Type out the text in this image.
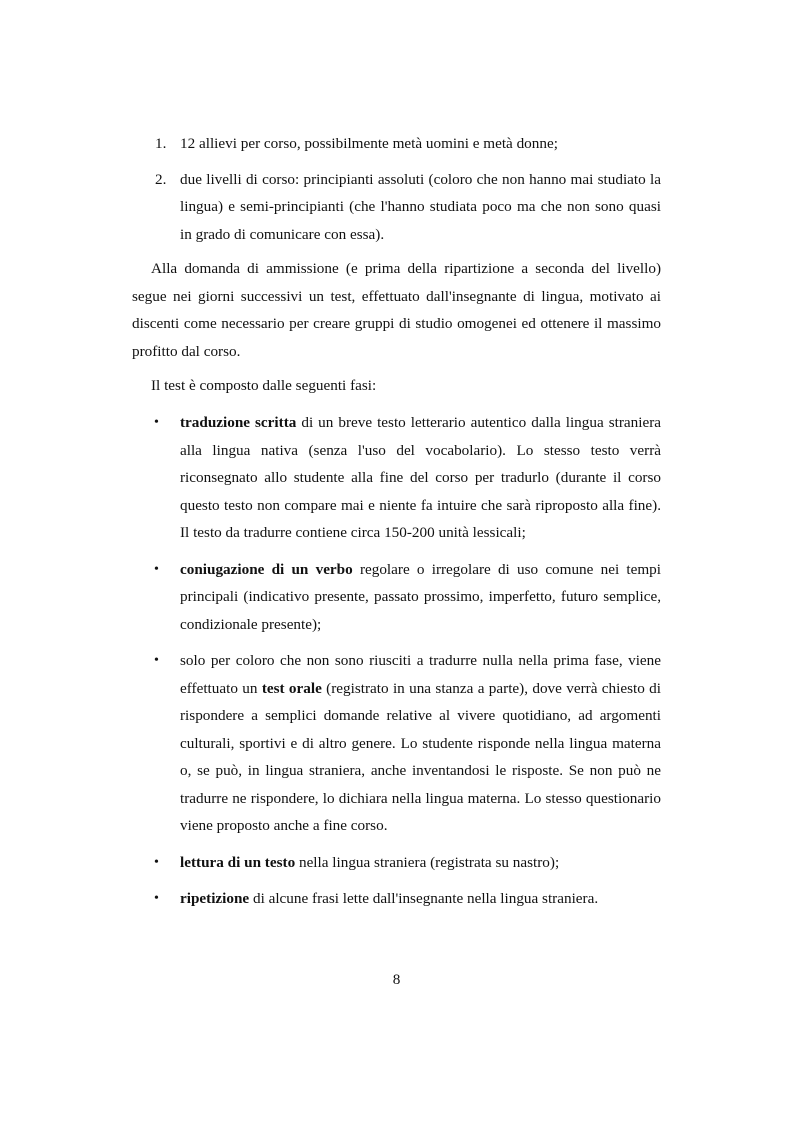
1. 12 allievi per corso, possibilmente metà uomini e metà donne;
2. due livelli di corso: principianti assoluti (coloro che non hanno mai studiato la lingua) e semi-principianti (che l'hanno studiata poco ma che non sono quasi in grado di comunicare con essa).

Alla domanda di ammissione (e prima della ripartizione a seconda del livello) segue nei giorni successivi un test, effettuato dall'insegnante di lingua, motivato ai discenti come necessario per creare gruppi di studio omogenei ed ottenere il massimo profitto dal corso.

Il test è composto dalle seguenti fasi:

• traduzione scritta di un breve testo letterario autentico dalla lingua straniera alla lingua nativa (senza l'uso del vocabolario). Lo stesso testo verrà riconsegnato allo studente alla fine del corso per tradurlo (durante il corso questo testo non compare mai e niente fa intuire che sarà riproposto alla fine). Il testo da tradurre contiene circa 150-200 unità lessicali;
• coniugazione di un verbo regolare o irregolare di uso comune nei tempi principali (indicativo presente, passato prossimo, imperfetto, futuro semplice, condizionale presente);
• solo per coloro che non sono riusciti a tradurre nulla nella prima fase, viene effettuato un test orale (registrato in una stanza a parte), dove verrà chiesto di rispondere a semplici domande relative al vivere quotidiano, ad argomenti culturali, sportivi e di altro genere. Lo studente risponde nella lingua materna o, se può, in lingua straniera, anche inventandosi le risposte. Se non può ne tradurre ne rispondere, lo dichiara nella lingua materna. Lo stesso questionario viene proposto anche a fine corso.
• lettura di un testo nella lingua straniera (registrata su nastro);
• ripetizione di alcune frasi lette dall'insegnante nella lingua straniera.
8
